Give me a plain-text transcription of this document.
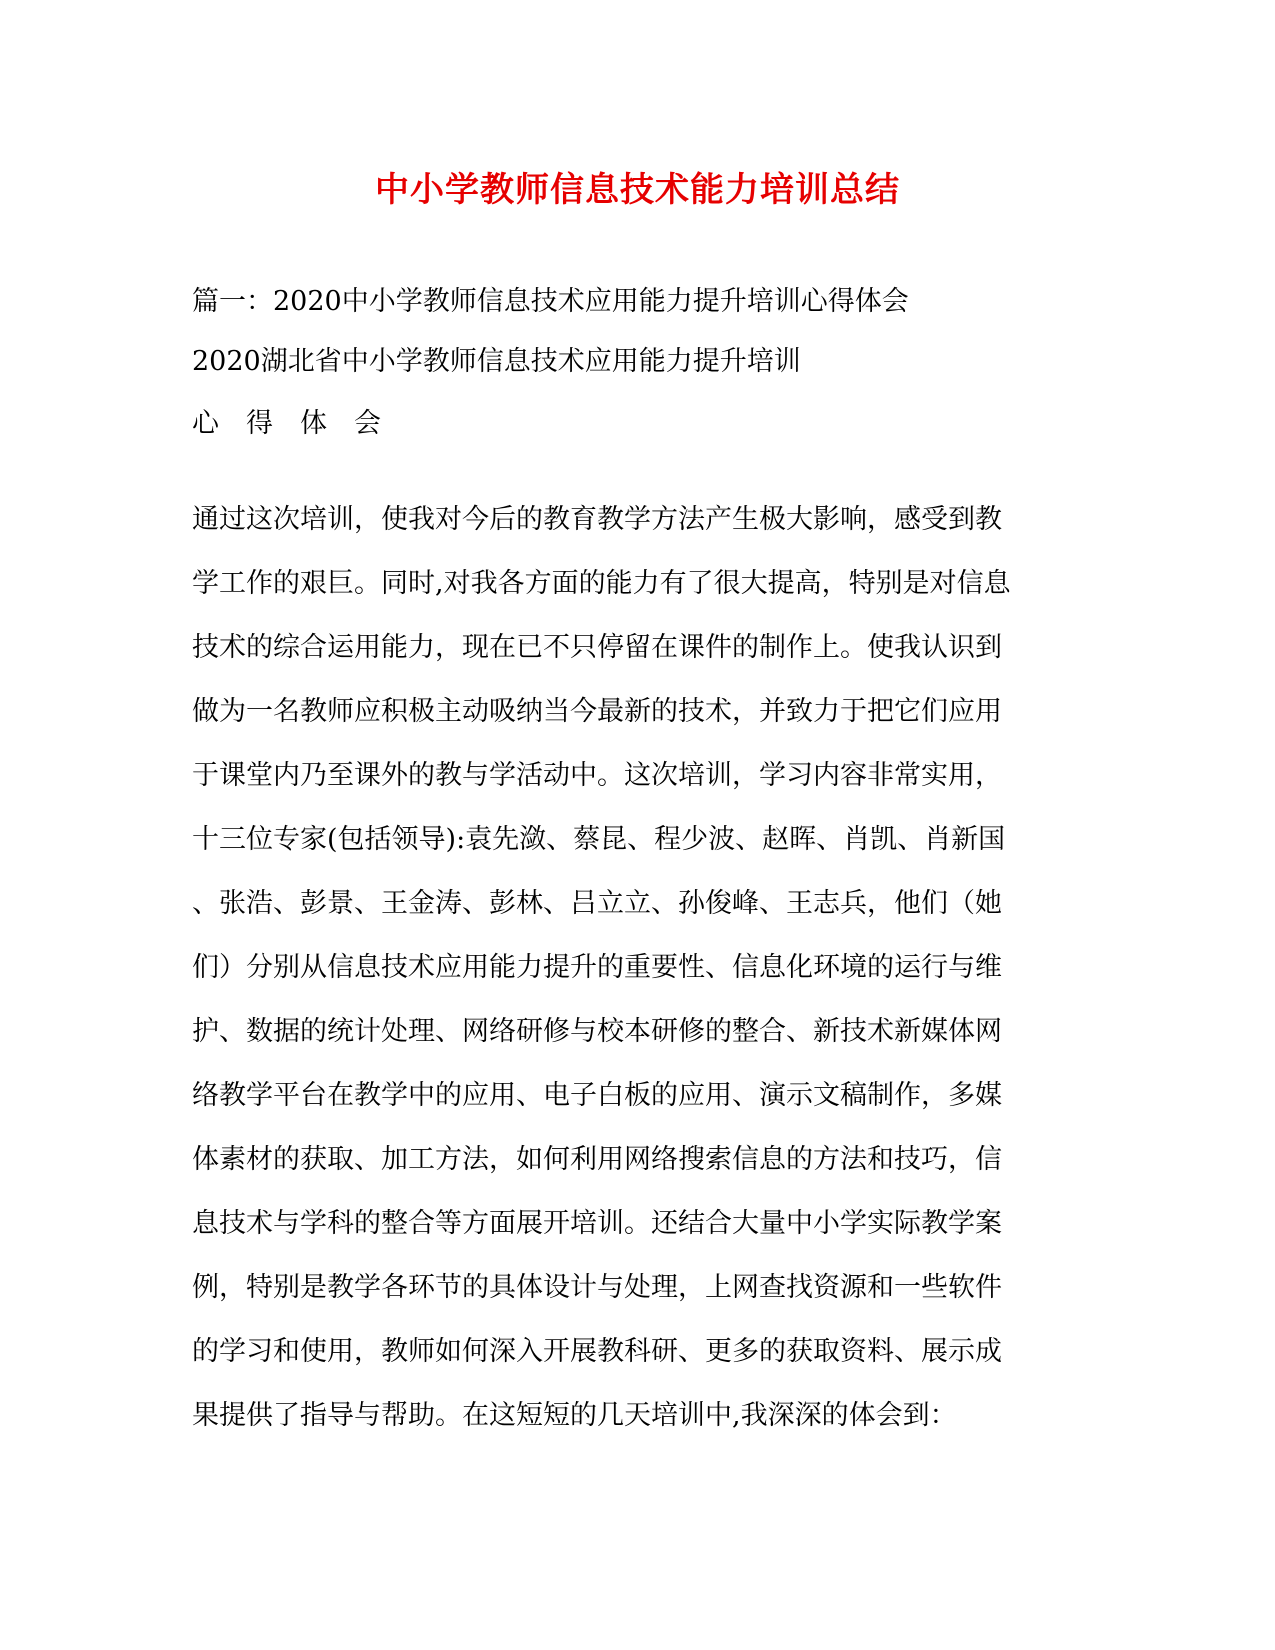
中小学教师信息技术能力培训总结

篇一：2020中小学教师信息技术应用能力提升培训心得体会

2020湖北省中小学教师信息技术应用能力提升培训

心　得　体　会

通过这次培训，使我对今后的教育教学方法产生极大影响，感受到教
学工作的艰巨。同时,对我各方面的能力有了很大提高，特别是对信息
技术的综合运用能力，现在已不只停留在课件的制作上。使我认识到
做为一名教师应积极主动吸纳当今最新的技术，并致力于把它们应用
于课堂内乃至课外的教与学活动中。这次培训，学习内容非常实用，
十三位专家(包括领导):袁先潋、蔡昆、程少波、赵晖、肖凯、肖新国
、张浩、彭景、王金涛、彭林、吕立立、孙俊峰、王志兵，他们（她
们）分别从信息技术应用能力提升的重要性、信息化环境的运行与维
护、数据的统计处理、网络研修与校本研修的整合、新技术新媒体网
络教学平台在教学中的应用、电子白板的应用、演示文稿制作，多媒
体素材的获取、加工方法，如何利用网络搜索信息的方法和技巧，信
息技术与学科的整合等方面展开培训。还结合大量中小学实际教学案
例，特别是教学各环节的具体设计与处理，上网查找资源和一些软件
的学习和使用，教师如何深入开展教科研、更多的获取资料、展示成
果提供了指导与帮助。在这短短的几天培训中,我深深的体会到：
